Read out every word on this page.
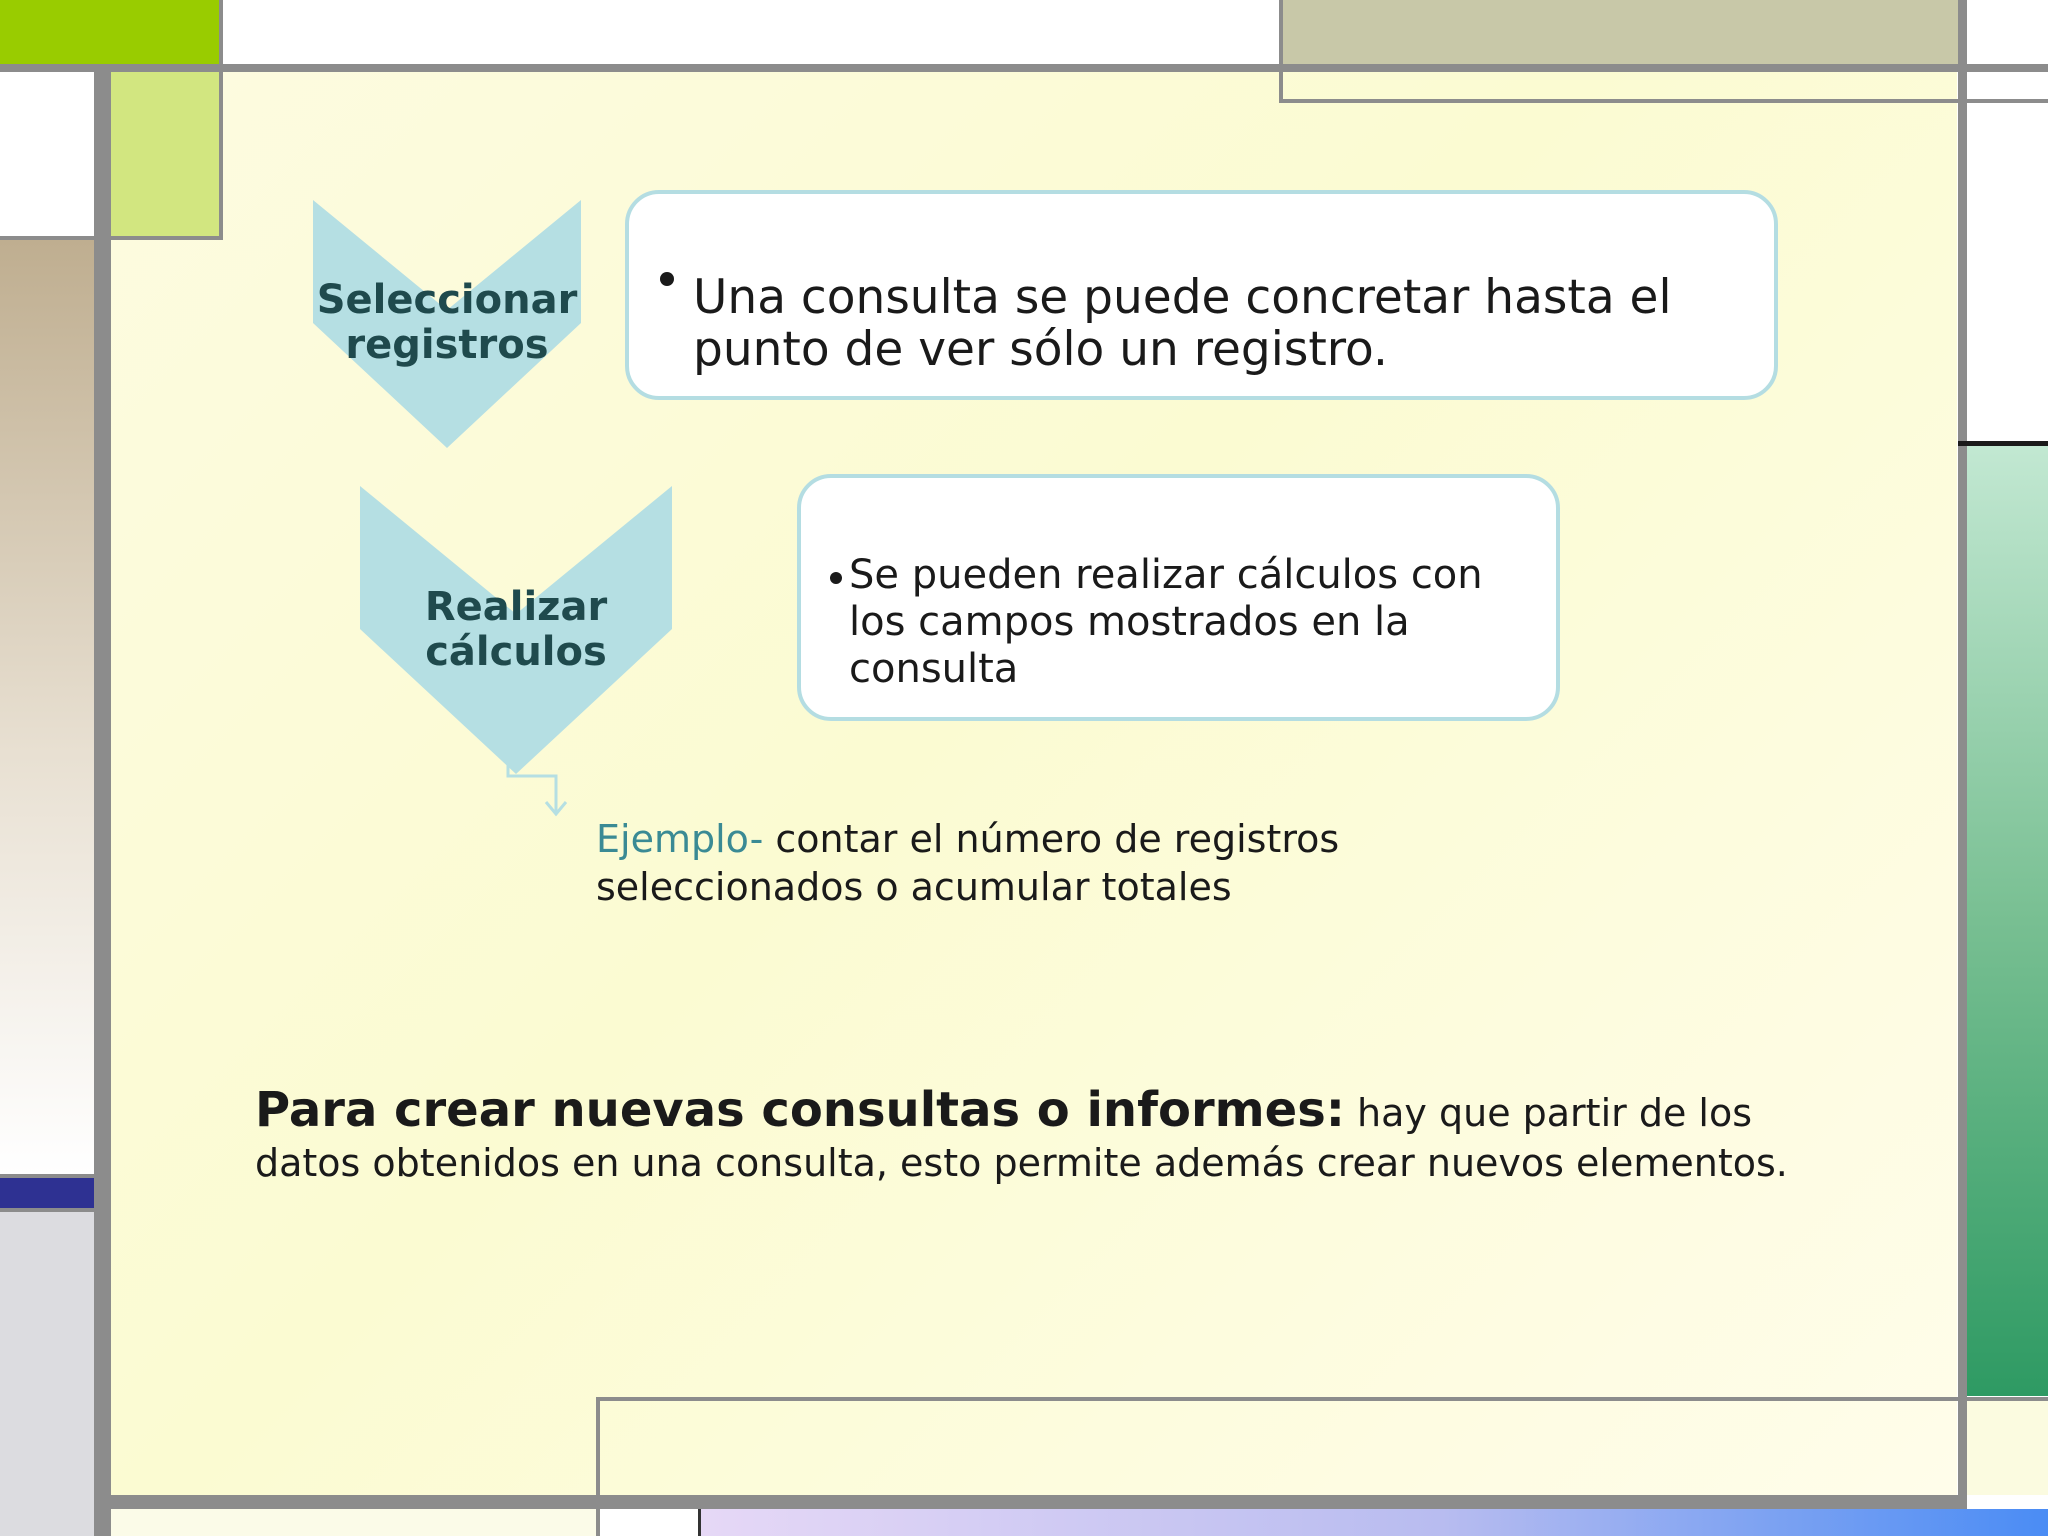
Seleccionar
registros
Una consulta se puede concretar hasta el punto de ver sólo un registro.
Realizar
cálculos
Se pueden realizar cálculos con los campos mostrados en la consulta
Ejemplo- contar el número de registros seleccionados o acumular totales
Para crear nuevas consultas o informes: hay que partir de los datos obtenidos en una consulta, esto permite además crear nuevos elementos.
